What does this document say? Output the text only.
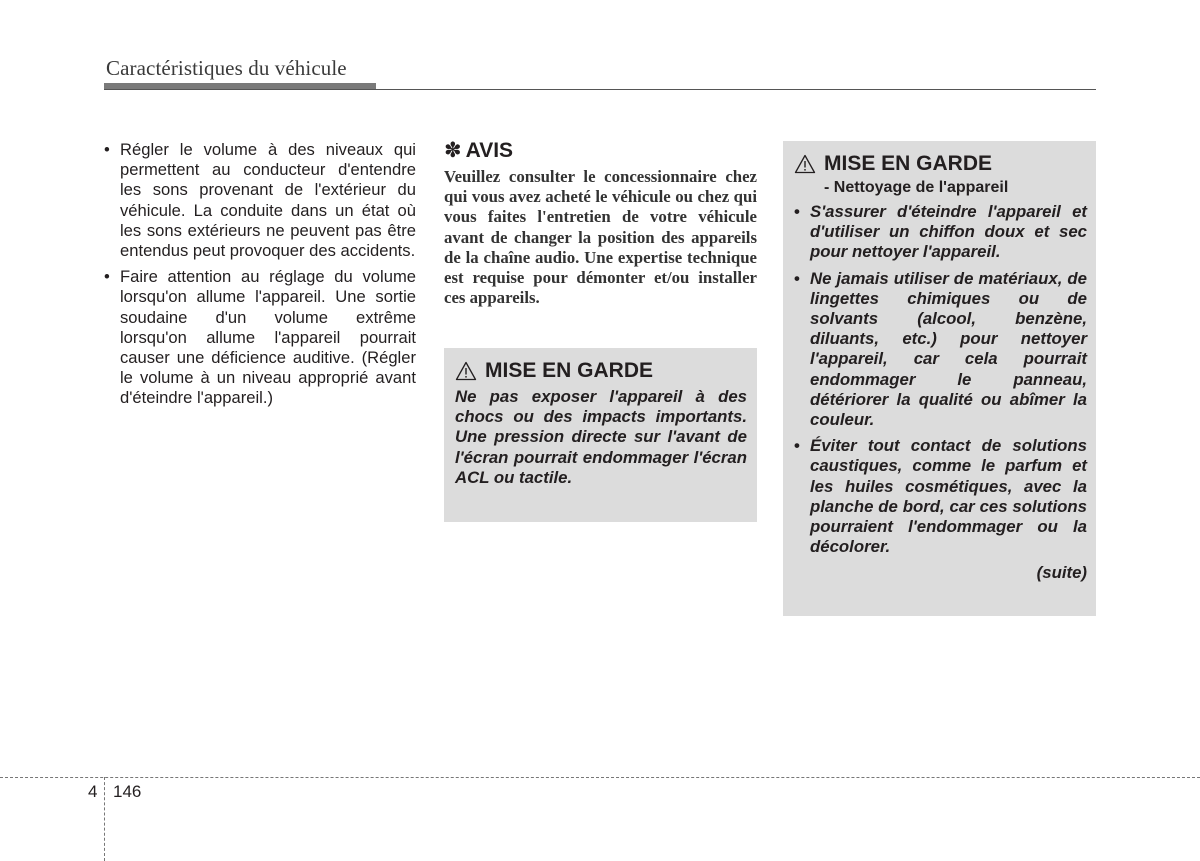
Caractéristiques du véhicule
• Régler le volume à des niveaux qui permettent au conducteur d'entendre les sons provenant de l'extérieur du véhicule. La conduite dans un état où les sons extérieurs ne peuvent pas être entendus peut provoquer des accidents.
• Faire attention au réglage du volume lorsqu'on allume l'appareil. Une sortie soudaine d'un volume extrême lorsqu'on allume l'appareil pourrait causer une déficience auditive. (Régler le volume à un niveau approprié avant d'éteindre l'appareil.)
✽ AVIS
Veuillez consulter le concessionnaire chez qui vous avez acheté le véhicule ou chez qui vous faites l'entretien de votre véhicule avant de changer la position des appareils de la chaîne audio. Une expertise technique est requise pour démonter et/ou installer ces appareils.
MISE EN GARDE
Ne pas exposer l'appareil à des chocs ou des impacts importants. Une pression directe sur l'avant de l'écran pourrait endommager l'écran ACL ou tactile.
MISE EN GARDE
- Nettoyage de l'appareil
• S'assurer d'éteindre l'appareil et d'utiliser un chiffon doux et sec pour nettoyer l'appareil.
• Ne jamais utiliser de matériaux, de lingettes chimiques ou de solvants (alcool, benzène, diluants, etc.) pour nettoyer l'appareil, car cela pourrait endommager le panneau, détériorer la qualité ou abîmer la couleur.
• Éviter tout contact de solutions caustiques, comme le parfum et les huiles cosmétiques, avec la planche de bord, car ces solutions pourraient l'endommager ou la décolorer.
(suite)
4 146
